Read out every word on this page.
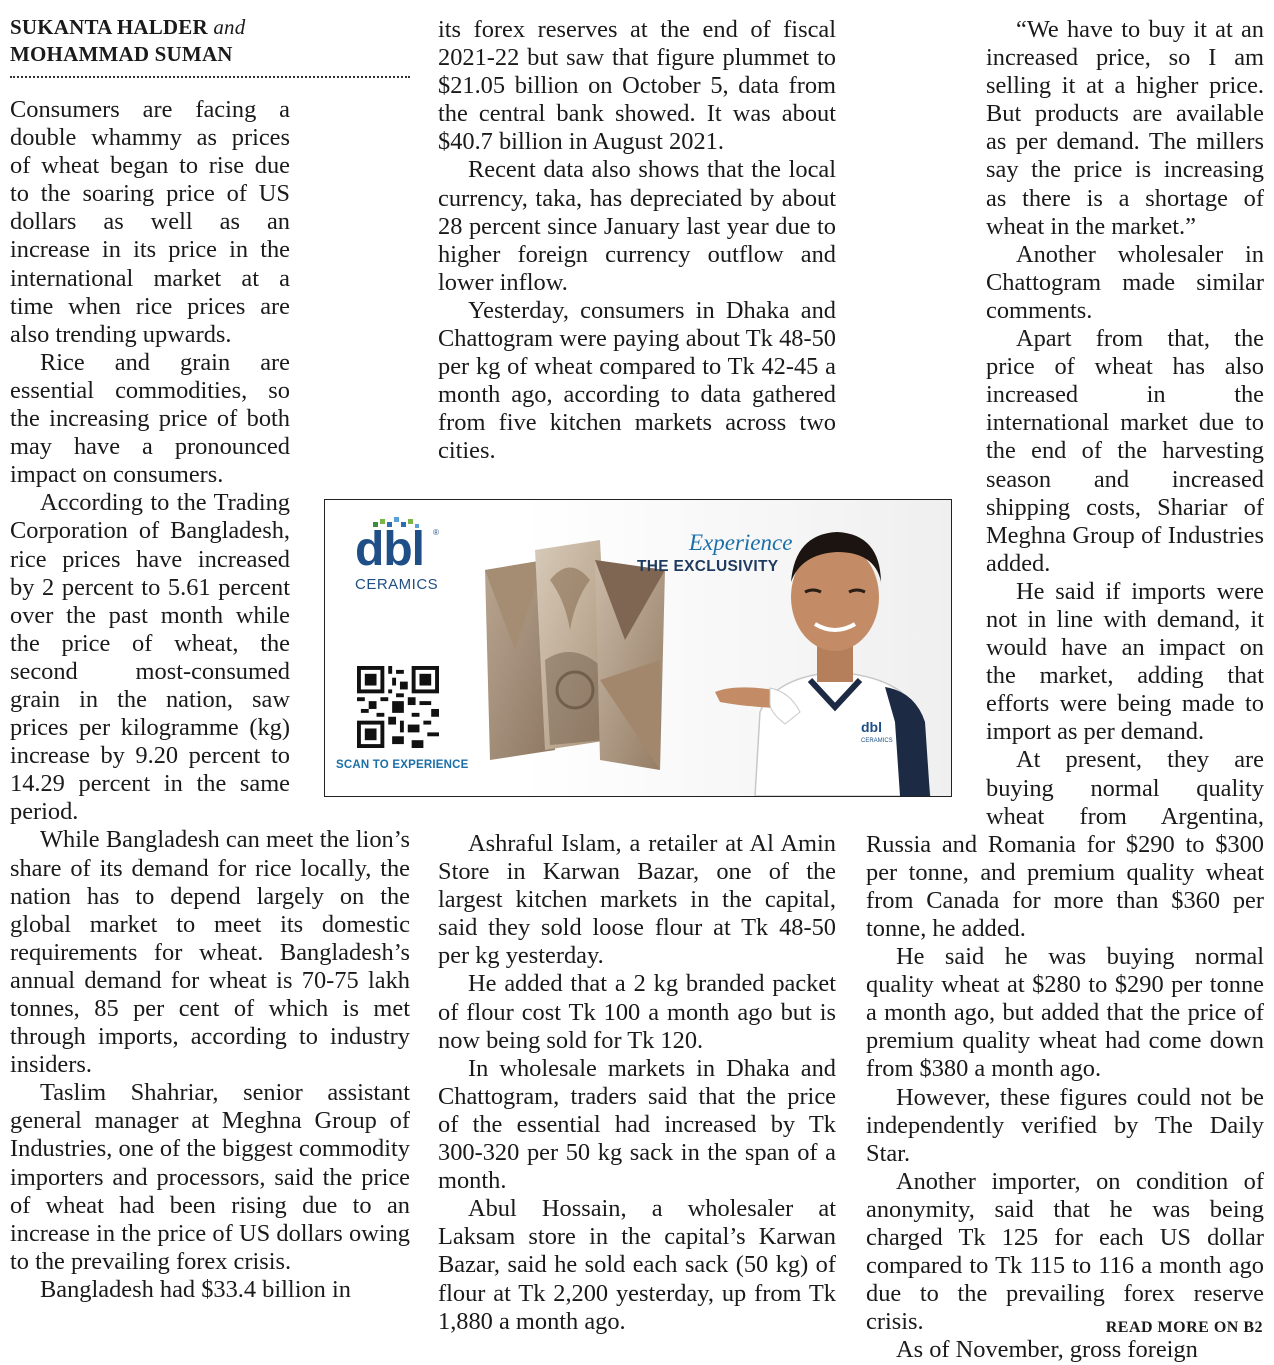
SUKANTA HALDER and
MOHAMMAD SUMAN

Consumers are facing a double whammy as prices of wheat began to rise due to the soaring price of US dollars as well as an increase in its price in the international market at a time when rice prices are also trending upwards.

Rice and grain are essential commodities, so the increasing price of both may have a pronounced impact on consumers.

According to the Trading Corporation of Bangladesh, rice prices have increased by 2 percent to 5.61 percent over the past month while the price of wheat, the second most-consumed grain in the nation, saw prices per kilogramme (kg) increase by 9.20 percent to 14.29 percent in the same period.

While Bangladesh can meet the lion’s share of its demand for rice locally, the nation has to depend largely on the global market to meet its domestic requirements for wheat. Bangladesh’s annual demand for wheat is 70-75 lakh tonnes, 85 per cent of which is met through imports, according to industry insiders.

Taslim Shahriar, senior assistant general manager at Meghna Group of Industries, one of the biggest commodity importers and processors, said the price of wheat had been rising due to an increase in the price of US dollars owing to the prevailing forex crisis.

Bangladesh had $33.4 billion in

its forex reserves at the end of fiscal 2021-22 but saw that figure plummet to $21.05 billion on October 5, data from the central bank showed. It was about $40.7 billion in August 2021.

Recent data also shows that the local currency, taka, has depreciated by about 28 percent since January last year due to higher foreign currency outflow and lower inflow.

Yesterday, consumers in Dhaka and Chattogram were paying about Tk 48-50 per kg of wheat compared to Tk 42-45 a month ago, according to data gathered from five kitchen markets across two cities.

Ashraful Islam, a retailer at Al Amin Store in Karwan Bazar, one of the largest kitchen markets in the capital, said they sold loose flour at Tk 48-50 per kg yesterday.

He added that a 2 kg branded packet of flour cost Tk 100 a month ago but is now being sold for Tk 120.

In wholesale markets in Dhaka and Chattogram, traders said that the price of the essential had increased by Tk 300-320 per 50 kg sack in the span of a month.

Abul Hossain, a wholesaler at Laksam store in the capital’s Karwan Bazar, said he sold each sack (50 kg) of flour at Tk 2,200 yesterday, up from Tk 1,880 a month ago.

“We have to buy it at an increased price, so I am selling it at a higher price. But products are available as per demand. The millers say the price is increasing as there is a shortage of wheat in the market.”

Another wholesaler in Chattogram made similar comments.

Apart from that, the price of wheat has also increased in the international market due to the end of the harvesting season and increased shipping costs, Shariar of Meghna Group of Industries added.

He said if imports were not in line with demand, it would have an impact on the market, adding that efforts were being made to import as per demand.

At present, they are buying normal quality wheat from Argentina, Russia and Romania for $290 to $300 per tonne, and premium quality wheat from Canada for more than $360 per tonne, he added.

He said he was buying normal quality wheat at $280 to $290 per tonne a month ago, but added that the price of premium quality wheat had come down from $380 a month ago.

However, these figures could not be independently verified by The Daily Star.

Another importer, on condition of anonymity, said that he was being charged Tk 125 for each US dollar compared to Tk 115 to 116 a month ago due to the prevailing forex reserve crisis.

As of November, gross foreign

dbl ®
CERAMICS
SCAN TO EXPERIENCE
Experience
THE EXCLUSIVITY
dbl
CERAMICS
READ MORE ON B2
